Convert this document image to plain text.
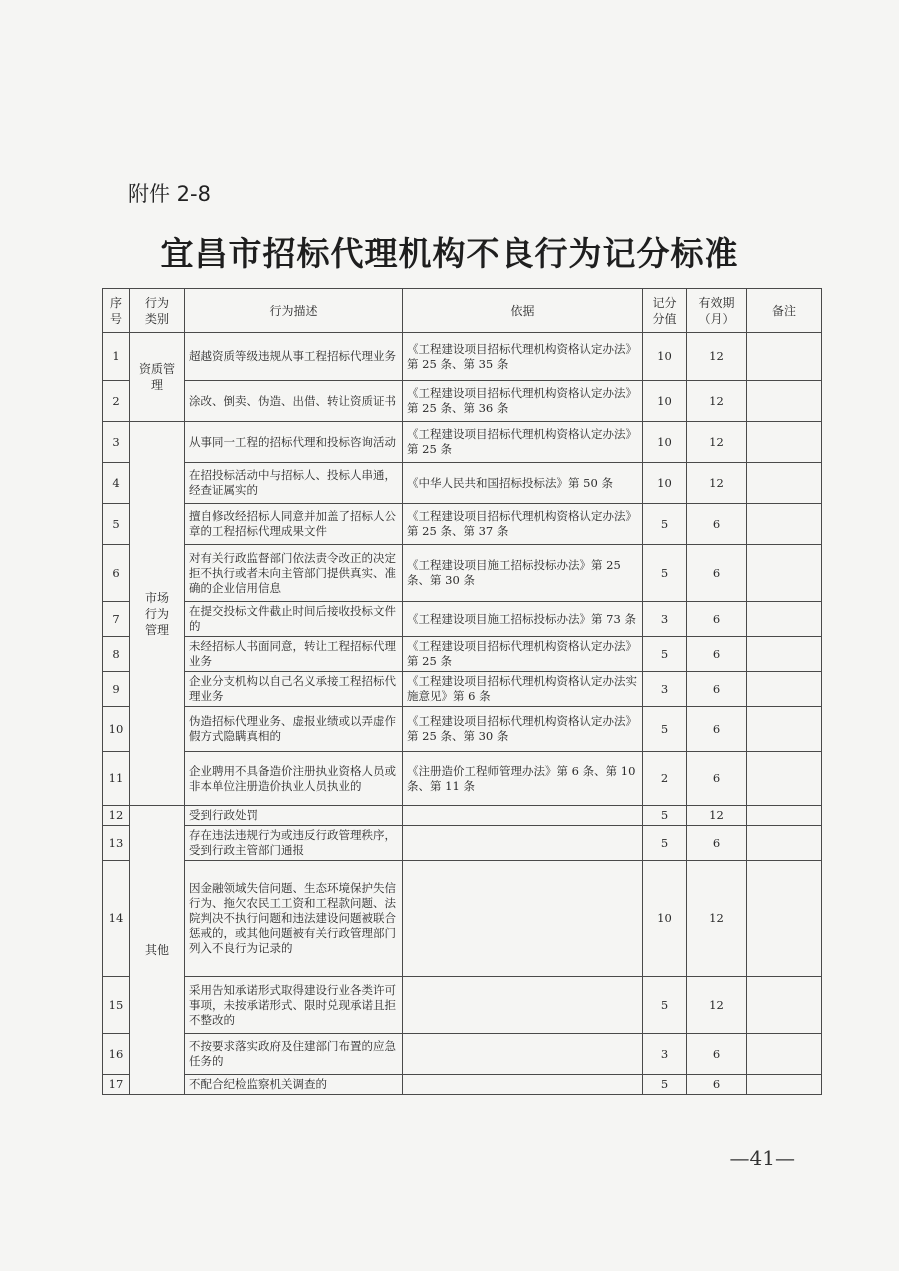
附件 2-8
宜昌市招标代理机构不良行为记分标准
序号	行为类别	行为描述	依据	记分分值	有效期（月）	备注
1	资质管理	超越资质等级违规从事工程招标代理业务	《工程建设项目招标代理机构资格认定办法》第 25 条、第 35 条	10	12	
2		涂改、倒卖、伪造、出借、转让资质证书	《工程建设项目招标代理机构资格认定办法》第 25 条、第 36 条	10	12	
3	市场行为管理	从事同一工程的招标代理和投标咨询活动	《工程建设项目招标代理机构资格认定办法》第 25 条	10	12	
4		在招投标活动中与招标人、投标人串通，经查证属实的	《中华人民共和国招标投标法》第 50 条	10	12	
5		擅自修改经招标人同意并加盖了招标人公章的工程招标代理成果文件	《工程建设项目招标代理机构资格认定办法》第 25 条、第 37 条	5	6	
6		对有关行政监督部门依法责令改正的决定拒不执行或者未向主管部门提供真实、准确的企业信用信息	《工程建设项目施工招标投标办法》第 25 条、第 30 条	5	6	
7		在提交投标文件截止时间后接收投标文件的	《工程建设项目施工招标投标办法》第 73 条	3	6	
8		未经招标人书面同意，转让工程招标代理业务	《工程建设项目招标代理机构资格认定办法》第 25 条	5	6	
9		企业分支机构以自己名义承接工程招标代理业务	《工程建设项目招标代理机构资格认定办法实施意见》第 6 条	3	6	
10		伪造招标代理业务、虚报业绩或以弄虚作假方式隐瞒真相的	《工程建设项目招标代理机构资格认定办法》第 25 条、第 30 条	5	6	
11		企业聘用不具备造价注册执业资格人员或非本单位注册造价执业人员执业的	《注册造价工程师管理办法》第 6 条、第 10 条、第 11 条	2	6	
12	其他	受到行政处罚		5	12	
13		存在违法违规行为或违反行政管理秩序，受到行政主管部门通报		5	6	
14		因金融领域失信问题、生态环境保护失信行为、拖欠农民工工资和工程款问题、法院判决不执行问题和违法建设问题被联合惩戒的，或其他问题被有关行政管理部门列入不良行为记录的		10	12	
15		采用告知承诺形式取得建设行业各类许可事项，未按承诺形式、限时兑现承诺且拒不整改的		5	12	
16		不按要求落实政府及住建部门布置的应急任务的		3	6	
17		不配合纪检监察机关调查的		5	6	
—41—
